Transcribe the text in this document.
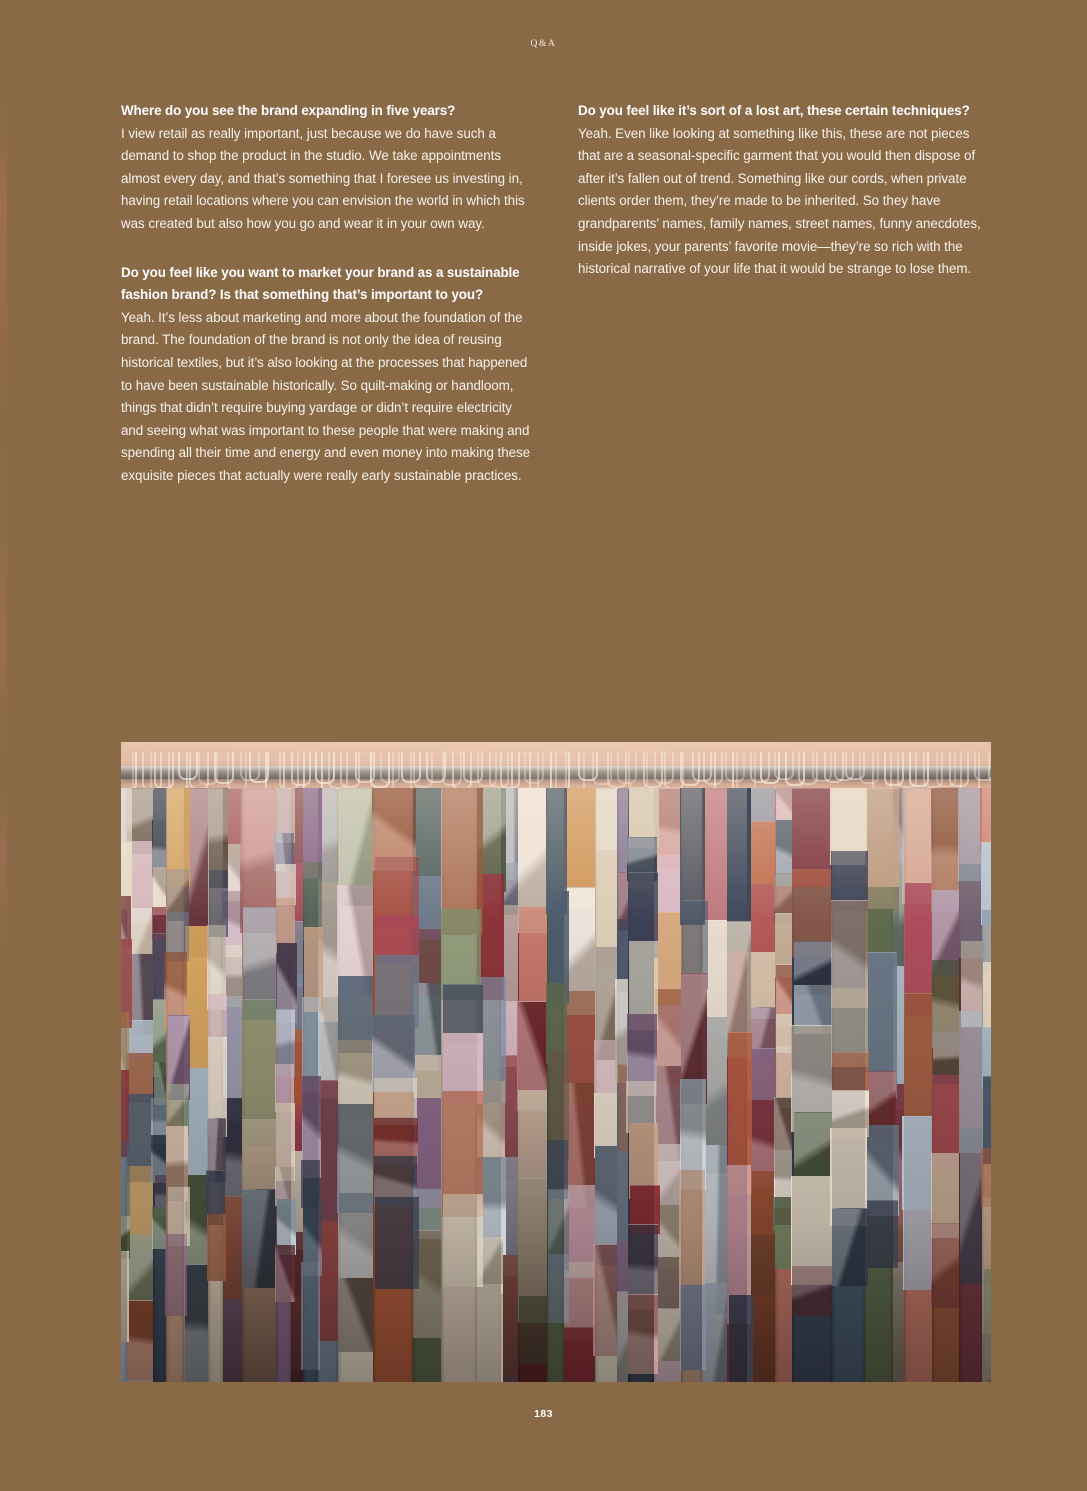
Q&A

Where do you see the brand expanding in five years?

I view retail as really important, just because we do have such a demand to shop the product in the studio. We take appointments almost every day, and that’s something that I foresee us investing in, having retail locations where you can envision the world in which this was created but also how you go and wear it in your own way.

Do you feel like you want to market your brand as a sustainable fashion brand? Is that something that’s important to you?

Yeah. It’s less about marketing and more about the foundation of the brand. The foundation of the brand is not only the idea of reusing historical textiles, but it’s also looking at the processes that happened to have been sustainable historically. So quilt-making or handloom, things that didn’t require buying yardage or didn’t require electricity and seeing what was important to these people that were making and spending all their time and energy and even money into making these exquisite pieces that actually were really early sustainable practices.

Do you feel like it’s sort of a lost art, these certain techniques?

Yeah. Even like looking at something like this, these are not pieces that are a seasonal-specific garment that you would then dispose of after it’s fallen out of trend. Something like our cords, when private clients order them, they’re made to be inherited. So they have grandparents’ names, family names, street names, funny anecdotes, inside jokes, your parents’ favorite movie—they’re so rich with the historical narrative of your life that it would be strange to lose them.

183
